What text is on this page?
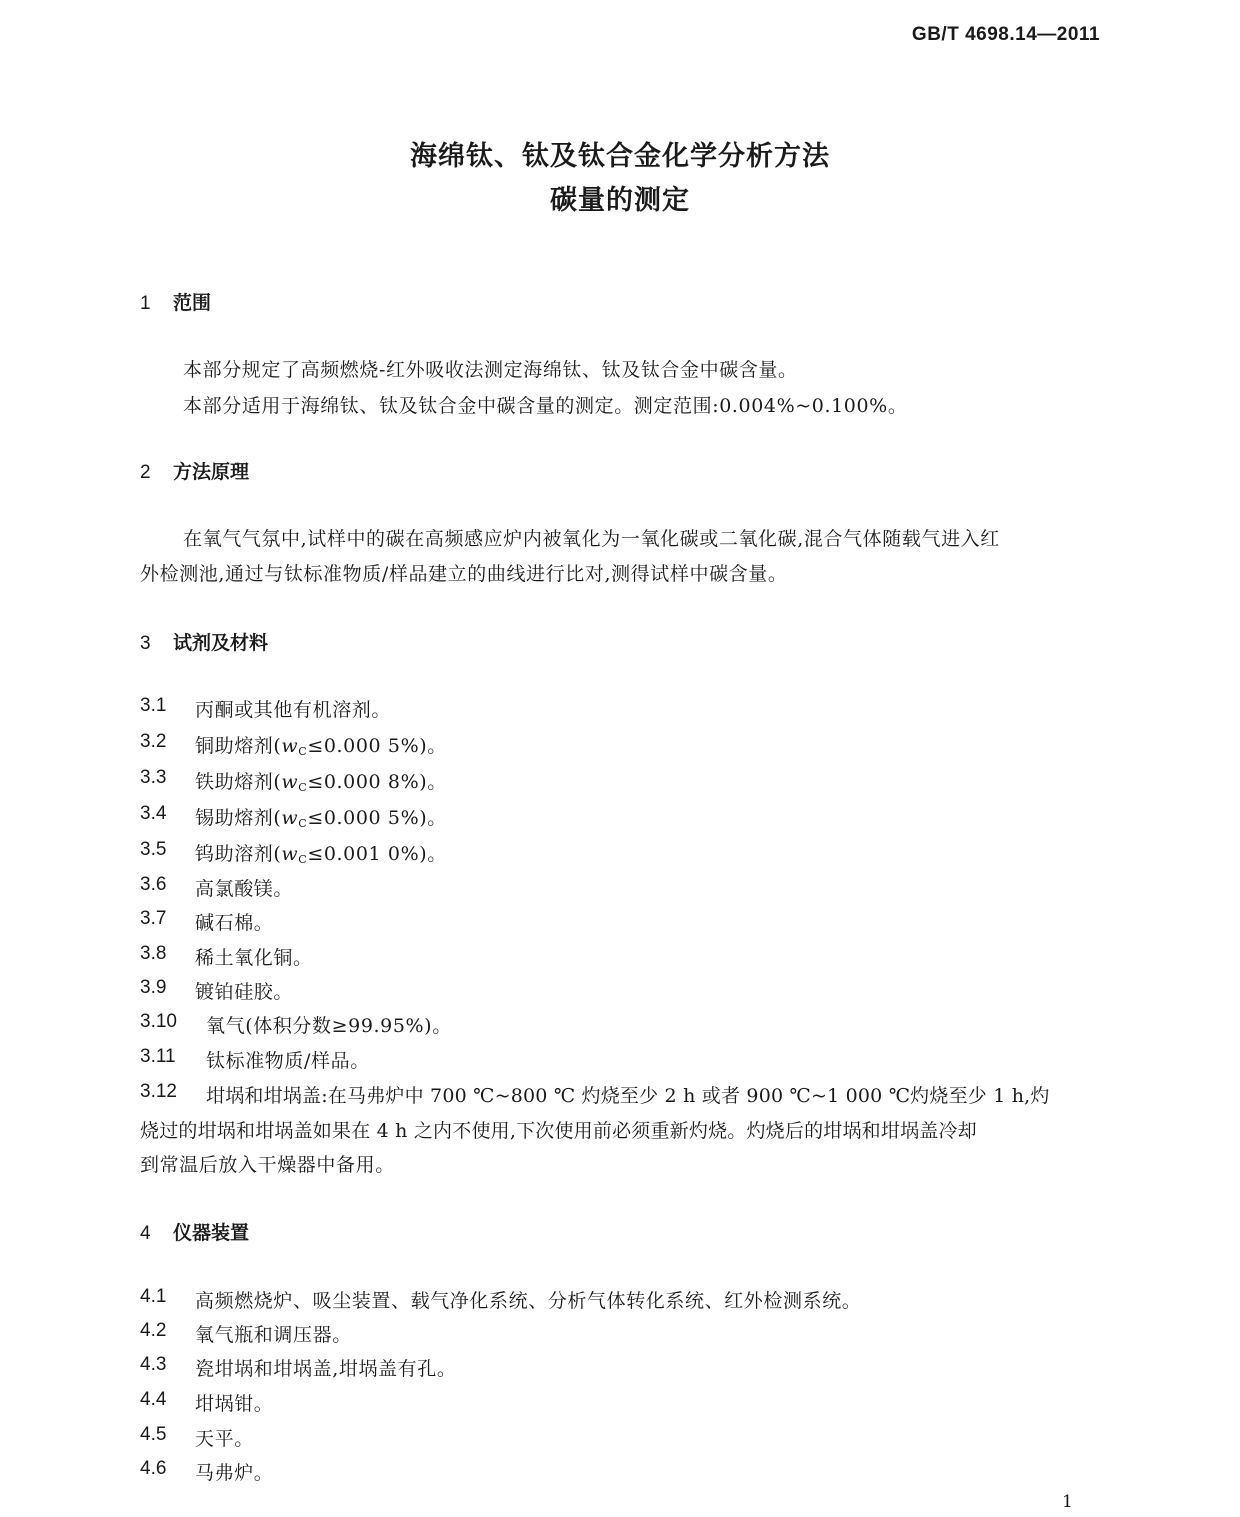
GB/T 4698.14—2011
海绵钛、钛及钛合金化学分析方法
碳量的测定
1 范围
本部分规定了高频燃烧-红外吸收法测定海绵钛、钛及钛合金中碳含量。
本部分适用于海绵钛、钛及钛合金中碳含量的测定。测定范围:0.004%~0.100%。
2 方法原理
在氧气气氛中,试样中的碳在高频感应炉内被氧化为一氧化碳或二氧化碳,混合气体随载气进入红
外检测池,通过与钛标准物质/样品建立的曲线进行比对,测得试样中碳含量。
3 试剂及材料
3.1 丙酮或其他有机溶剂。
3.2 铜助熔剂($w_C\le 0.000$ 5%)。
3.3 铁助熔剂($w_C\le 0.000$ 8%)。
3.4 锡助熔剂($w_C\le 0.000$ 5%)。
3.5 钨助溶剂($w_C\le 0.001$ 0%)。
3.6 高氯酸镁。
3.7 碱石棉。
3.8 稀土氧化铜。
3.9 镀铂硅胶。
3.10 氧气(体积分数≥99.95%)。
3.11 钛标准物质/样品。
3.12 坩埚和坩埚盖:在马弗炉中 700 ℃~800 ℃ 灼烧至少 2 h 或者 900 ℃~1 000 ℃灼烧至少 1 h,灼
烧过的坩埚和坩埚盖如果在 4 h 之内不使用,下次使用前必须重新灼烧。灼烧后的坩埚和坩埚盖冷却
到常温后放入干燥器中备用。
4 仪器装置
4.1 高频燃烧炉、吸尘装置、载气净化系统、分析气体转化系统、红外检测系统。
4.2 氧气瓶和调压器。
4.3 瓷坩埚和坩埚盖,坩埚盖有孔。
4.4 坩埚钳。
4.5 天平。
4.6 马弗炉。
1
